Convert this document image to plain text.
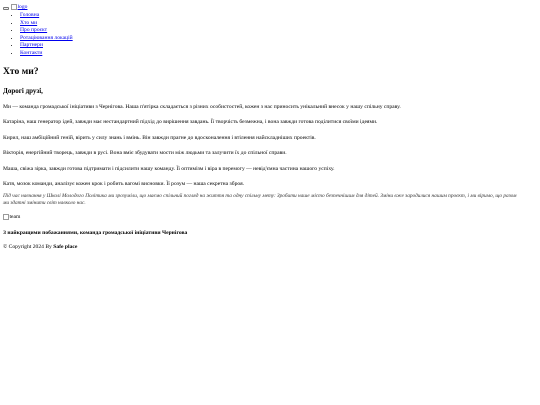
logo
• Головна
• Хто ми
• Про проєкт
• Ротаціювання локацій
• Партнери
• Контакти
Хто ми?
Дорогі друзі,

Ми — команда громадської ініціативи з Чернігова. Наша п'ятірка складається з різних особистостей, кожен з нас приносить унікальний внесок у нашу спільну справу.

Катаріна, наш генератор ідей, завжди має нестандартний підхід до вирішення завдань. Її творчість безмежна, і вона завжди готова поділитися своїми ідеями.

Кирил, наш амбіційний геній, вірить у силу знань і вмінь. Він завжди прагне до вдосконалення і втілення найскладніших проектів.

Вікторія, енергійний творець, завжди в русі. Вона вміє збудувати мости між людьми та залучити їх до спільної справи.

Маша, свіжа зірка, завжди готова підтримати і підсилити нашу команду. Її оптимізм і віра в перемогу — невід'ємна частина нашого успіху.

Катя, мозок команди, аналізує кожен крок і робить вагомі висновки. Її розум — наша секретна зброя.

Під час навчання у Школі Молодого Політика ми зрозуміли, що маємо спільний погляд на життя та одну спільну мету: Зробити наше місто безпечнішим для дітей. Зміни вже зародилися нашим проєкт, і ми віримо, що разом ми здатні змінити світ навколо нас.

team

З найкращими побажаннями, команда громадської ініціативи Чернігова

© Copyright 2024 By Safe place
